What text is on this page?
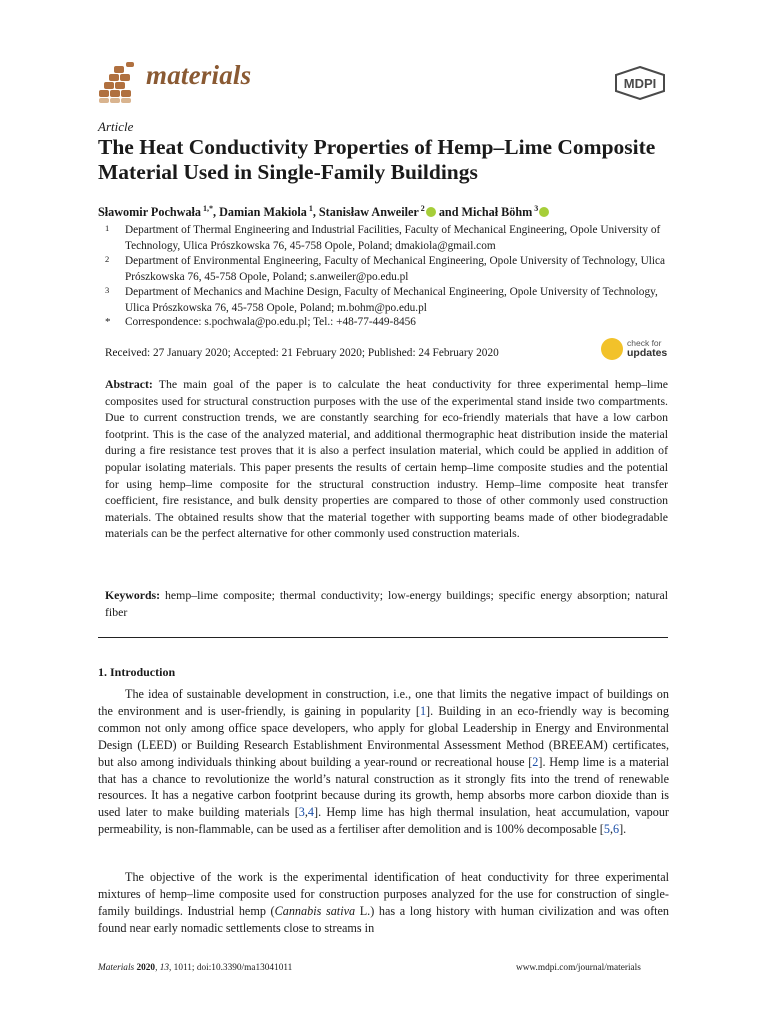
materials	MDPI
Article
The Heat Conductivity Properties of Hemp–Lime Composite Material Used in Single-Family Buildings
Sławomir Pochwała $^{1,*}$, Damian Makiola $^1$, Stanisław Anweiler $^2$ and Michał Böhm $^3$
1 Department of Thermal Engineering and Industrial Facilities, Faculty of Mechanical Engineering, Opole University of Technology, Ulica Prószkowska 76, 45-758 Opole, Poland; dmakiola@gmail.com
2 Department of Environmental Engineering, Faculty of Mechanical Engineering, Opole University of Technology, Ulica Prószkowska 76, 45-758 Opole, Poland; s.anweiler@po.edu.pl
3 Department of Mechanics and Machine Design, Faculty of Mechanical Engineering, Opole University of Technology, Ulica Prószkowska 76, 45-758 Opole, Poland; m.bohm@po.edu.pl
* Correspondence: s.pochwala@po.edu.pl; Tel.: +48-77-449-8456
Received: 27 January 2020; Accepted: 21 February 2020; Published: 24 February 2020
check for
updates
Abstract: The main goal of the paper is to calculate the heat conductivity for three experimental hemp–lime composites used for structural construction purposes with the use of the experimental stand inside two compartments. Due to current construction trends, we are constantly searching for eco-friendly materials that have a low carbon footprint. This is the case of the analyzed material, and additional thermographic heat distribution inside the material during a fire resistance test proves that it is also a perfect insulation material, which could be applied in addition of popular isolating materials. This paper presents the results of certain hemp–lime composite studies and the potential for using hemp–lime composite for the structural construction industry. Hemp–lime composite heat transfer coefficient, fire resistance, and bulk density properties are compared to those of other commonly used construction materials. The obtained results show that the material together with supporting beams made of other biodegradable materials can be the perfect alternative for other commonly used construction materials.
Keywords: hemp–lime composite; thermal conductivity; low-energy buildings; specific energy absorption; natural fiber
1. Introduction
The idea of sustainable development in construction, i.e., one that limits the negative impact of buildings on the environment and is user-friendly, is gaining in popularity [1]. Building in an eco-friendly way is becoming common not only among office space developers, who apply for global Leadership in Energy and Environmental Design (LEED) or Building Research Establishment Environmental Assessment Method (BREEAM) certificates, but also among individuals thinking about building a year-round or recreational house [2]. Hemp lime is a material that has a chance to revolutionize the world’s natural construction as it strongly fits into the trend of renewable resources. It has a negative carbon footprint because during its growth, hemp absorbs more carbon dioxide than is used later to make building materials [3,4]. Hemp lime has high thermal insulation, heat accumulation, vapour permeability, is non-flammable, can be used as a fertiliser after demolition and is 100% decomposable [5,6].
The objective of the work is the experimental identification of heat conductivity for three experimental mixtures of hemp–lime composite used for construction purposes analyzed for the use for construction of single-family buildings. Industrial hemp (Cannabis sativa L.) has a long history with human civilization and was often found near early nomadic settlements close to streams in
Materials 2020, 13, 1011; doi:10.3390/ma13041011	www.mdpi.com/journal/materials
